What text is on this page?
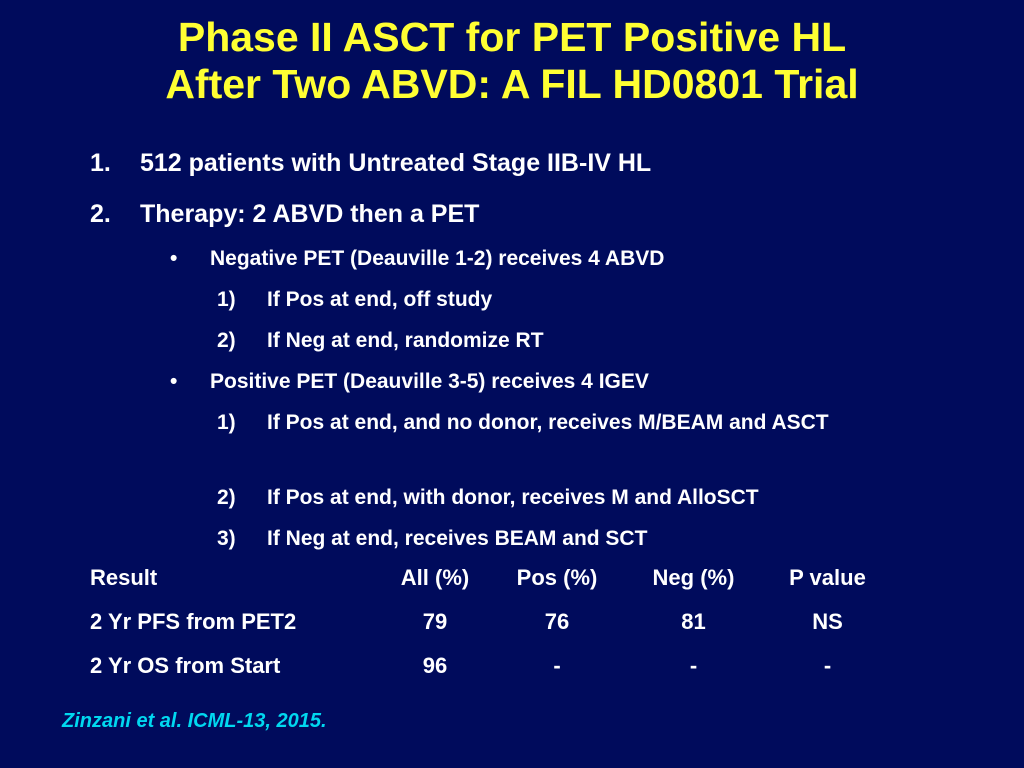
Phase II ASCT for PET Positive HL
After Two ABVD: A FIL HD0801 Trial
1. 512 patients with Untreated Stage IIB-IV HL
2. Therapy: 2 ABVD then a PET
• Negative PET (Deauville 1-2) receives 4 ABVD
1) If Pos at end, off study
2) If Neg at end, randomize RT
• Positive PET (Deauville 3-5) receives 4 IGEV
1) If Pos at end, and no donor, receives M/BEAM and ASCT
2) If Pos at end, with donor, receives M and AlloSCT
3) If Neg at end, receives BEAM and SCT
Result	All (%)	Pos (%)	Neg (%)	P value
2 Yr PFS from PET2	79	76	81	NS
2 Yr OS from Start	96	-	-	-
Zinzani et al. ICML-13, 2015.
